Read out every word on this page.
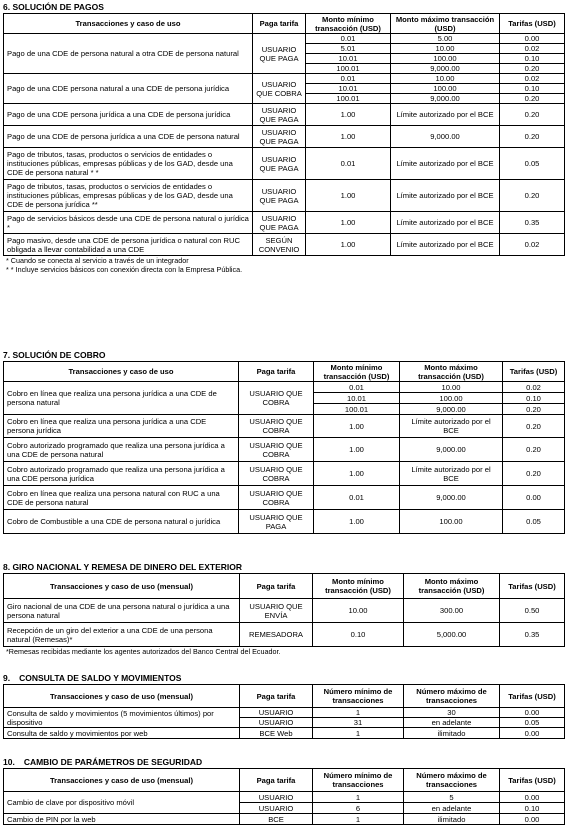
6. SOLUCIÓN DE PAGOS
Transacciones y caso de uso	Paga tarifa	Monto mínimo transacción (USD)	Monto máximo transacción (USD)	Tarifas (USD)
Pago de una CDE de persona natural a otra CDE de persona natural	USUARIO QUE PAGA	0.01	5.00	0.00
		5.01	10.00	0.02
		10.01	100.00	0.10
		100.01	9,000.00	0.20
Pago de una CDE persona natural a una CDE de persona jurídica	USUARIO QUE COBRA	0.01	10.00	0.02
		10.01	100.00	0.10
		100.01	9,000.00	0.20
Pago de una CDE persona jurídica a una CDE de persona jurídica	USUARIO QUE PAGA	1.00	Límite autorizado por el BCE	0.20
Pago de una CDE de persona jurídica a una CDE de persona natural	USUARIO QUE PAGA	1.00	9,000.00	0.20
Pago de tributos, tasas, productos o servicios de entidades o instituciones públicas, empresas públicas y de los GAD, desde una CDE de persona natural * *	USUARIO QUE PAGA	0.01	Límite autorizado por el BCE	0.05
Pago de tributos, tasas, productos o servicios de entidades o instituciones públicas, empresas públicas y de los GAD, desde una CDE de persona jurídica **	USUARIO QUE PAGA	1.00	Límite autorizado por el BCE	0.20
Pago de servicios básicos desde una CDE de persona natural o jurídica *	USUARIO QUE PAGA	1.00	Límite autorizado por el BCE	0.35
Pago masivo, desde una CDE de persona jurídica o natural con RUC obligada a llevar contabilidad a una CDE	SEGÚN CONVENIO	1.00	Límite autorizado por el BCE	0.02
* Cuando se conecta al servicio a través de un integrador
* * Incluye servicios básicos con conexión directa con la Empresa Pública.
7. SOLUCIÓN DE COBRO
Transacciones y caso de uso	Paga tarifa	Monto mínimo transacción (USD)	Monto máximo transacción (USD)	Tarifas (USD)
Cobro en línea que realiza una persona jurídica a una CDE de persona natural	USUARIO QUE COBRA	0.01	10.00	0.02
		10.01	100.00	0.10
		100.01	9,000.00	0.20
Cobro en línea que realiza una persona jurídica a una CDE persona jurídica	USUARIO QUE COBRA	1.00	Límite autorizado por el BCE	0.20
Cobro autorizado programado que realiza una persona jurídica a una CDE de persona natural	USUARIO QUE COBRA	1.00	9,000.00	0.20
Cobro autorizado programado que realiza una persona jurídica a una CDE persona jurídica	USUARIO QUE COBRA	1.00	Límite autorizado por el BCE	0.20
Cobro en línea que realiza una persona natural con RUC a una CDE de persona natural	USUARIO QUE COBRA	0.01	9,000.00	0.00
Cobro de Combustible a una CDE de persona natural o jurídica	USUARIO QUE PAGA	1.00	100.00	0.05
8. GIRO NACIONAL Y REMESA DE DINERO DEL EXTERIOR
Transacciones y caso de uso (mensual)	Paga tarifa	Monto mínimo transacción (USD)	Monto máximo transacción (USD)	Tarifas (USD)
Giro nacional de una CDE de una persona natural o jurídica a una persona natural	USUARIO QUE ENVÍA	10.00	300.00	0.50
Recepción de un giro del exterior a una CDE de una persona natural (Remesas)*	REMESADORA	0.10	5,000.00	0.35
*Remesas recibidas mediante los agentes autorizados del Banco Central del Ecuador.
9. CONSULTA DE SALDO Y MOVIMIENTOS
Transacciones y caso de uso (mensual)	Paga tarifa	Número mínimo de transacciones	Número máximo de transacciones	Tarifas (USD)
Consulta de saldo y movimientos (5 movimientos últimos) por dispositivo	USUARIO	1	30	0.00
	USUARIO	31	en adelante	0.05
Consulta de saldo y movimientos por web	BCE Web	1	ilimitado	0.00
10. CAMBIO DE PARÁMETROS DE SEGURIDAD
Transacciones y caso de uso (mensual)	Paga tarifa	Número mínimo de transacciones	Número máximo de transacciones	Tarifas (USD)
Cambio de clave por dispositivo móvil	USUARIO	1	5	0.00
	USUARIO	6	en adelante	0.10
Cambio de PIN por la web	BCE	1	ilimitado	0.00
